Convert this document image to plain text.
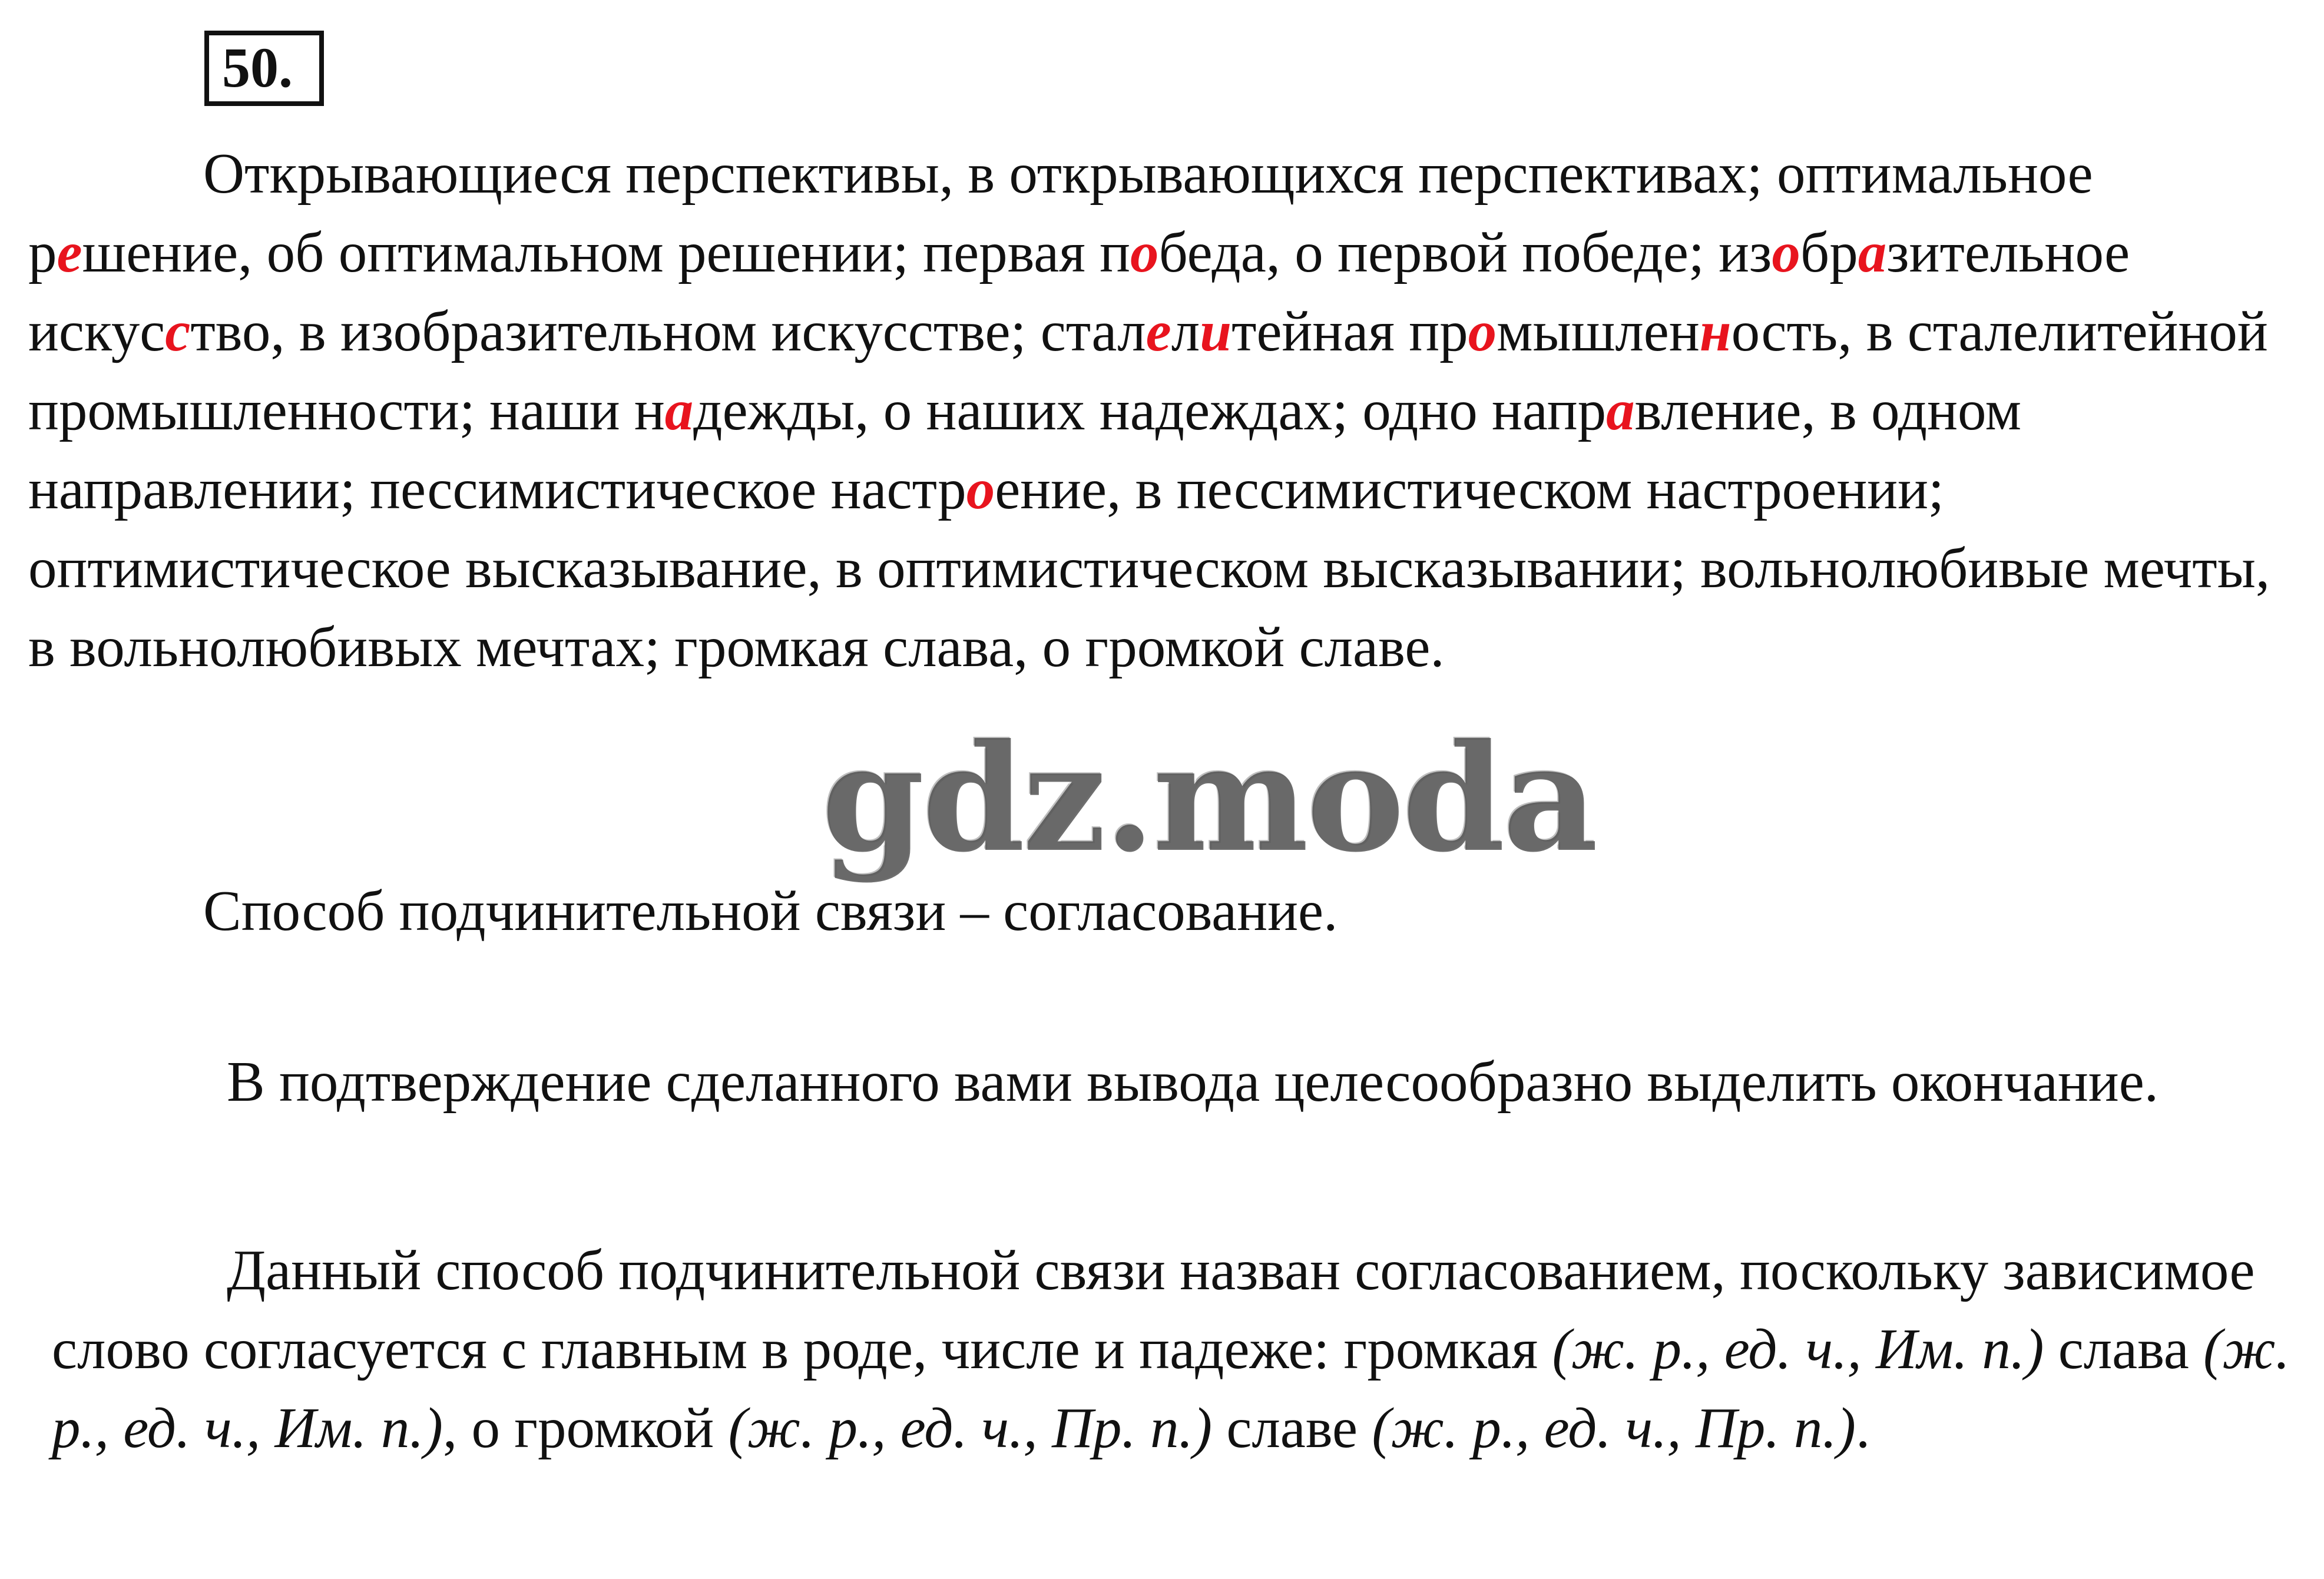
50.

Открывающиеся перспективы, в открывающихся перспективах; оптимальное решение, об оптимальном решении; первая победа, о первой победе; изобразительное искусство, в изобразительном искусстве; сталелитейная промышленность, в сталелитейной промышленности; наши надежды, о наших надеждах; одно направление, в одном направлении; пессимистическое настроение, в пессимистическом настроении; оптимистическое высказывание, в оптимистическом высказывании; вольнолюбивые мечты, в вольнолюбивых мечтах; громкая слава, о громкой славе.

Способ подчинительной связи – согласование.

В подтверждение сделанного вами вывода целесообразно выделить окончание.

Данный способ подчинительной связи назван согласованием, поскольку зависимое слово согласуется с главным в роде, числе и падеже: громкая (ж. р., ед. ч., Им. п.) слава (ж. р., ед. ч., Им. п.), о громкой (ж. р., ед. ч., Пр. п.) славе (ж. р., ед. ч., Пр. п.).

gdz.moda
